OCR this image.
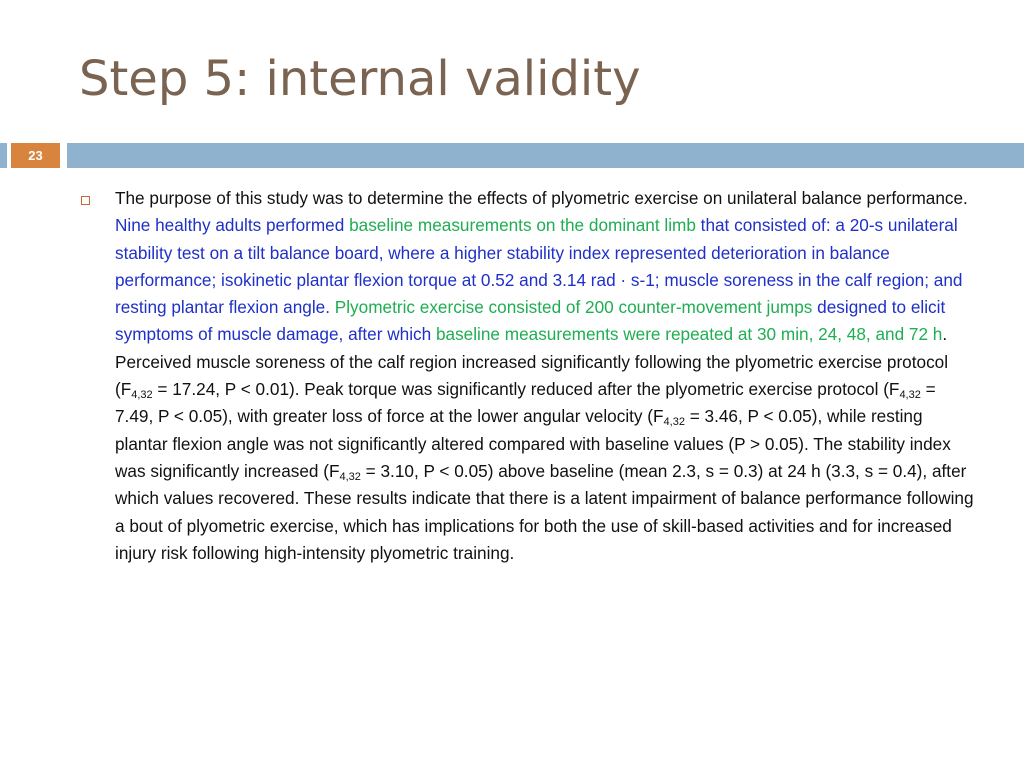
Step 5: internal validity
23

The purpose of this study was to determine the effects of plyometric exercise on unilateral balance performance. Nine healthy adults performed baseline measurements on the dominant limb that consisted of: a 20-s unilateral stability test on a tilt balance board, where a higher stability index represented deterioration in balance performance; isokinetic plantar flexion torque at 0.52 and 3.14 rad · s-1; muscle soreness in the calf region; and resting plantar flexion angle. Plyometric exercise consisted of 200 counter-movement jumps designed to elicit symptoms of muscle damage, after which baseline measurements were repeated at 30 min, 24, 48, and 72 h. Perceived muscle soreness of the calf region increased significantly following the plyometric exercise protocol ($F_{4,32} = 17.24$, P < 0.01). Peak torque was significantly reduced after the plyometric exercise protocol ($F_{4,32} = 7.49$, P < 0.05), with greater loss of force at the lower angular velocity ($F_{4,32} = 3.46$, P < 0.05), while resting plantar flexion angle was not significantly altered compared with baseline values (P > 0.05). The stability index was significantly increased ($F_{4,32} = 3.10$, P < 0.05) above baseline (mean 2.3, s = 0.3) at 24 h (3.3, s = 0.4), after which values recovered. These results indicate that there is a latent impairment of balance performance following a bout of plyometric exercise, which has implications for both the use of skill-based activities and for increased injury risk following high-intensity plyometric training.
